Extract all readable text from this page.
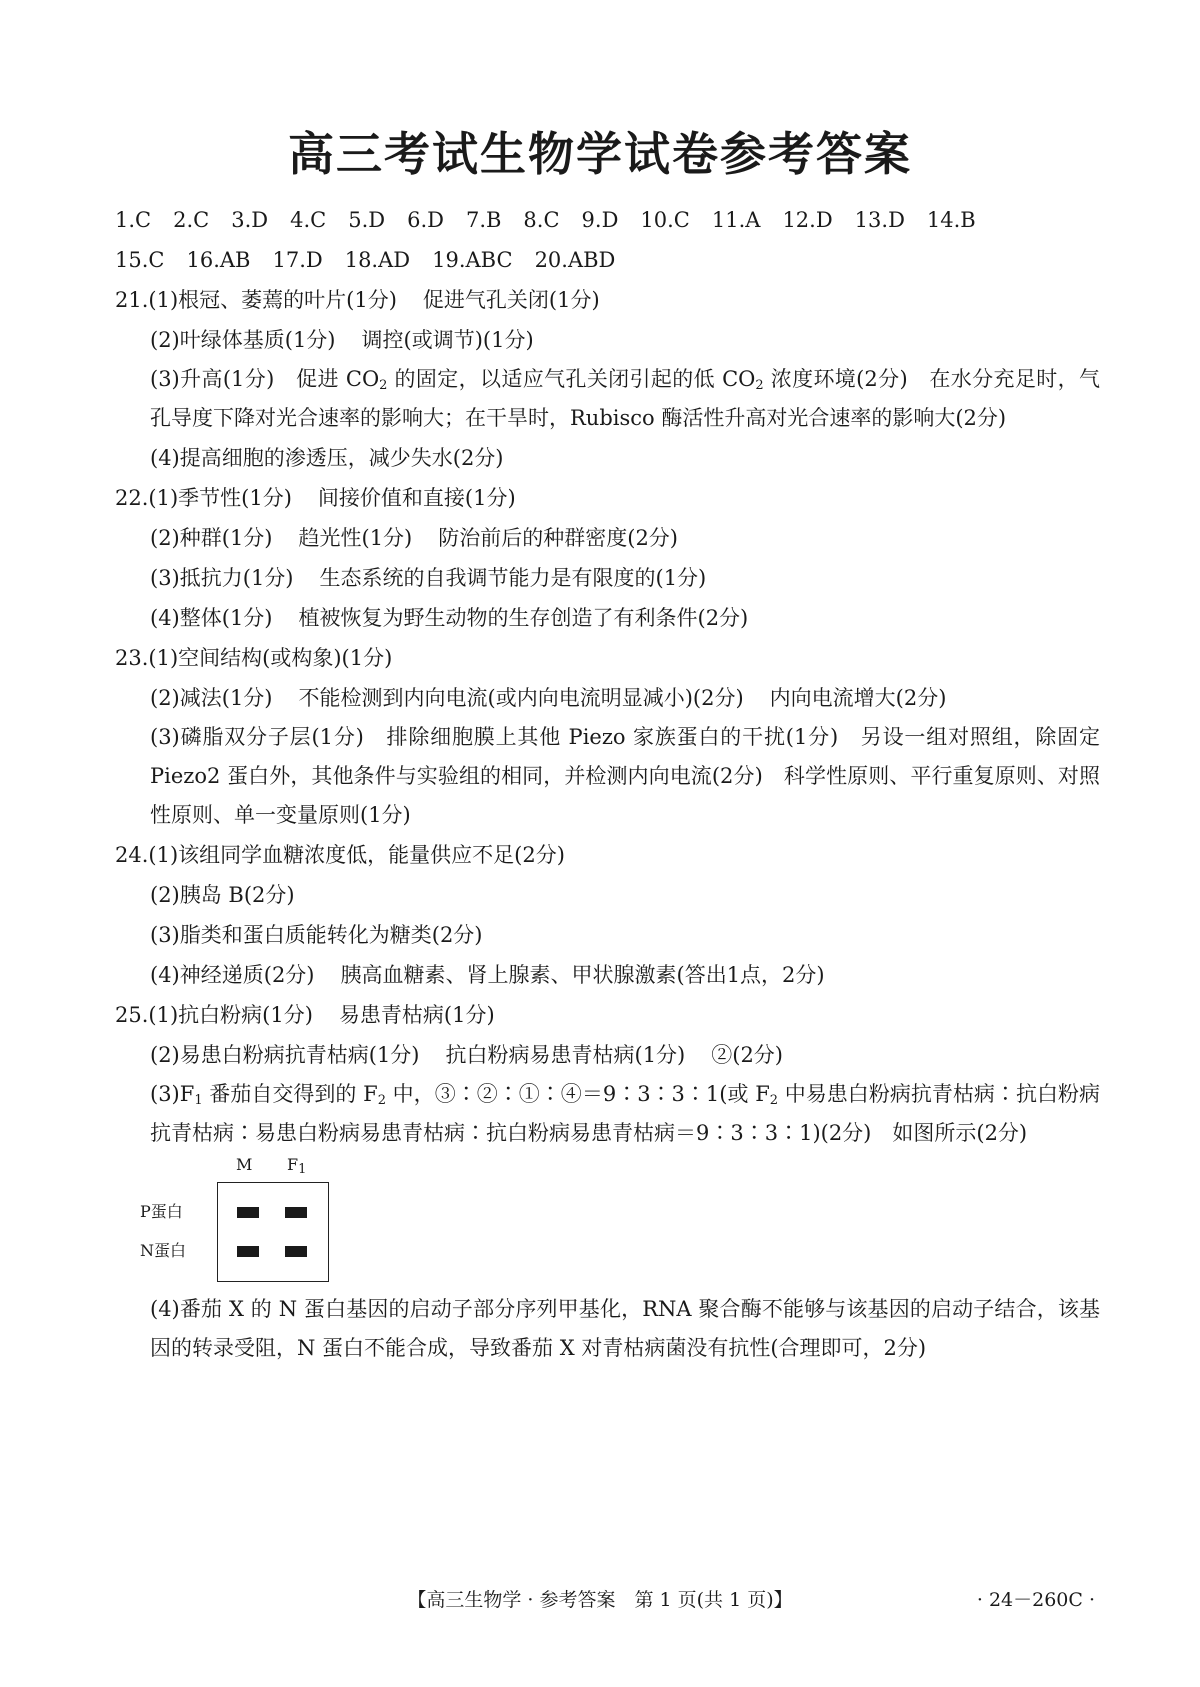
高三考试生物学试卷参考答案
1.C 2.C 3.D 4.C 5.D 6.D 7.B 8.C 9.D 10.C 11.A 12.D 13.D 14.B
15.C 16.AB 17.D 18.AD 19.ABC 20.ABD
21.(1)根冠、萎蔫的叶片(1分) 促进气孔关闭(1分)
(2)叶绿体基质(1分) 调控(或调节)(1分)
(3)升高(1分)　促进 $CO_2$ 的固定，以适应气孔关闭引起的低 $CO_2$ 浓度环境(2分)　在水分充足时，气孔导度下降对光合速率的影响大；在干旱时，Rubisco 酶活性升高对光合速率的影响大(2分)
(4)提高细胞的渗透压，减少失水(2分)
22.(1)季节性(1分) 间接价值和直接(1分)
(2)种群(1分) 趋光性(1分) 防治前后的种群密度(2分)
(3)抵抗力(1分) 生态系统的自我调节能力是有限度的(1分)
(4)整体(1分) 植被恢复为野生动物的生存创造了有利条件(2分)
23.(1)空间结构(或构象)(1分)
(2)减法(1分) 不能检测到内向电流(或内向电流明显减小)(2分) 内向电流增大(2分)
(3)磷脂双分子层(1分)　排除细胞膜上其他 Piezo 家族蛋白的干扰(1分)　另设一组对照组，除固定 Piezo2 蛋白外，其他条件与实验组的相同，并检测内向电流(2分)　科学性原则、平行重复原则、对照性原则、单一变量原则(1分)
24.(1)该组同学血糖浓度低，能量供应不足(2分)
(2)胰岛 B(2分)
(3)脂类和蛋白质能转化为糖类(2分)
(4)神经递质(2分) 胰高血糖素、肾上腺素、甲状腺激素(答出1点，2分)
25.(1)抗白粉病(1分) 易患青枯病(1分)
(2)易患白粉病抗青枯病(1分) 抗白粉病易患青枯病(1分) ②(2分)
$(3)F_1$ 番茄自交得到的 $F_2$ 中，③∶②∶①∶④＝9∶3∶3∶1(或 $F_2$ 中易患白粉病抗青枯病∶抗白粉病抗青枯病∶易患白粉病易患青枯病∶抗白粉病易患青枯病＝9∶3∶3∶1)(2分)　如图所示(2分)
M $F_1$
P蛋白
N蛋白
(4)番茄 X 的 N 蛋白基因的启动子部分序列甲基化，RNA 聚合酶不能够与该基因的启动子结合，该基因的转录受阻，N 蛋白不能合成，导致番茄 X 对青枯病菌没有抗性(合理即可，2分)
【高三生物学 · 参考答案　第 1 页(共 1 页)】	· 24－260C ·
